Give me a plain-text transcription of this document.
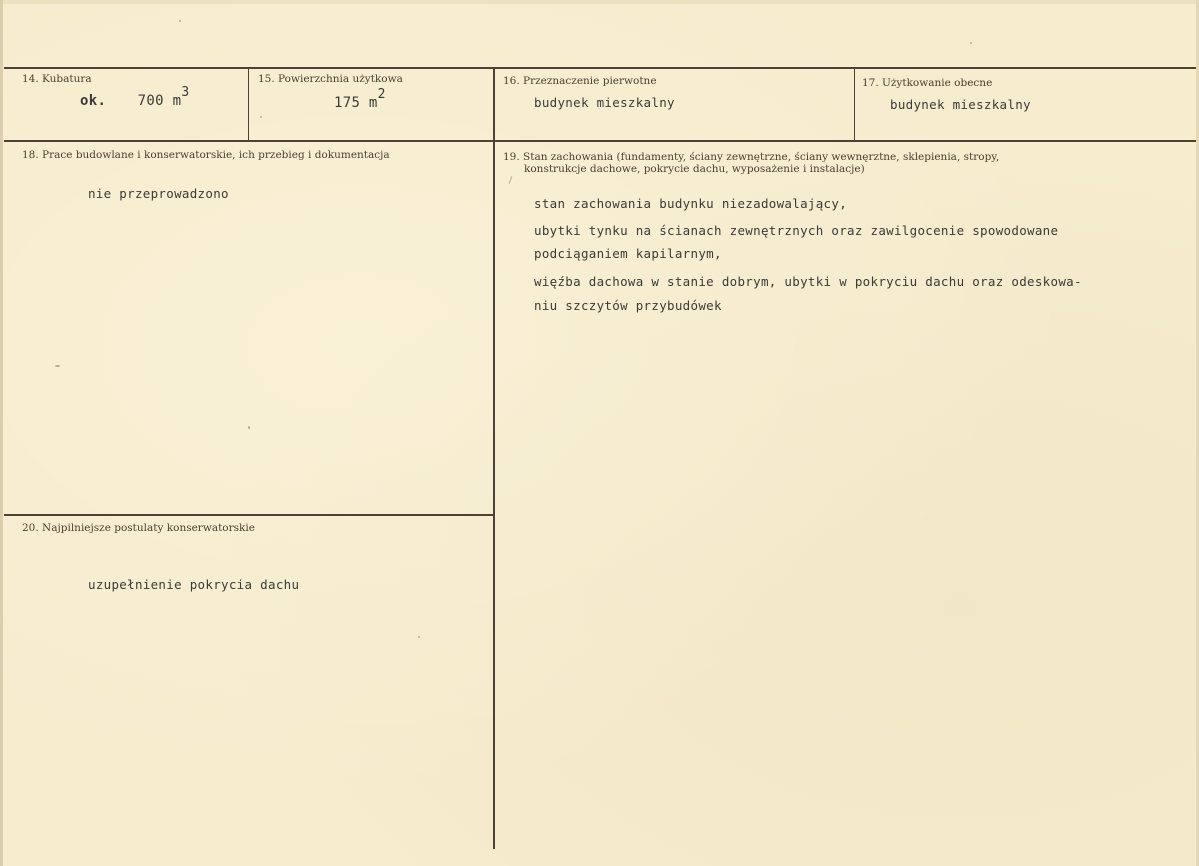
14. Kubatura
ok. 700 m3
15. Powierzchnia użytkowa
175 m2
16. Przeznaczenie pierwotne
budynek mieszkalny
17. Użytkowanie obecne
budynek mieszkalny
18. Prace budowlane i konserwatorskie, ich przebieg i dokumentacja
nie przeprowadzono
19. Stan zachowania (fundamenty, ściany zewnętrzne, ściany wewnęrztne, sklepienia, stropy,
konstrukcje dachowe, pokrycie dachu, wyposażenie i instalacje)
stan zachowania budynku niezadowalający,
ubytki tynku na ścianach zewnętrznych oraz zawilgocenie spowodowane
podciąganiem kapilarnym,
więźba dachowa w stanie dobrym, ubytki w pokryciu dachu oraz odeskowa-
niu szczytów przybudówek
20. Najpilniejsze postulaty konserwatorskie
uzupełnienie pokrycia dachu
